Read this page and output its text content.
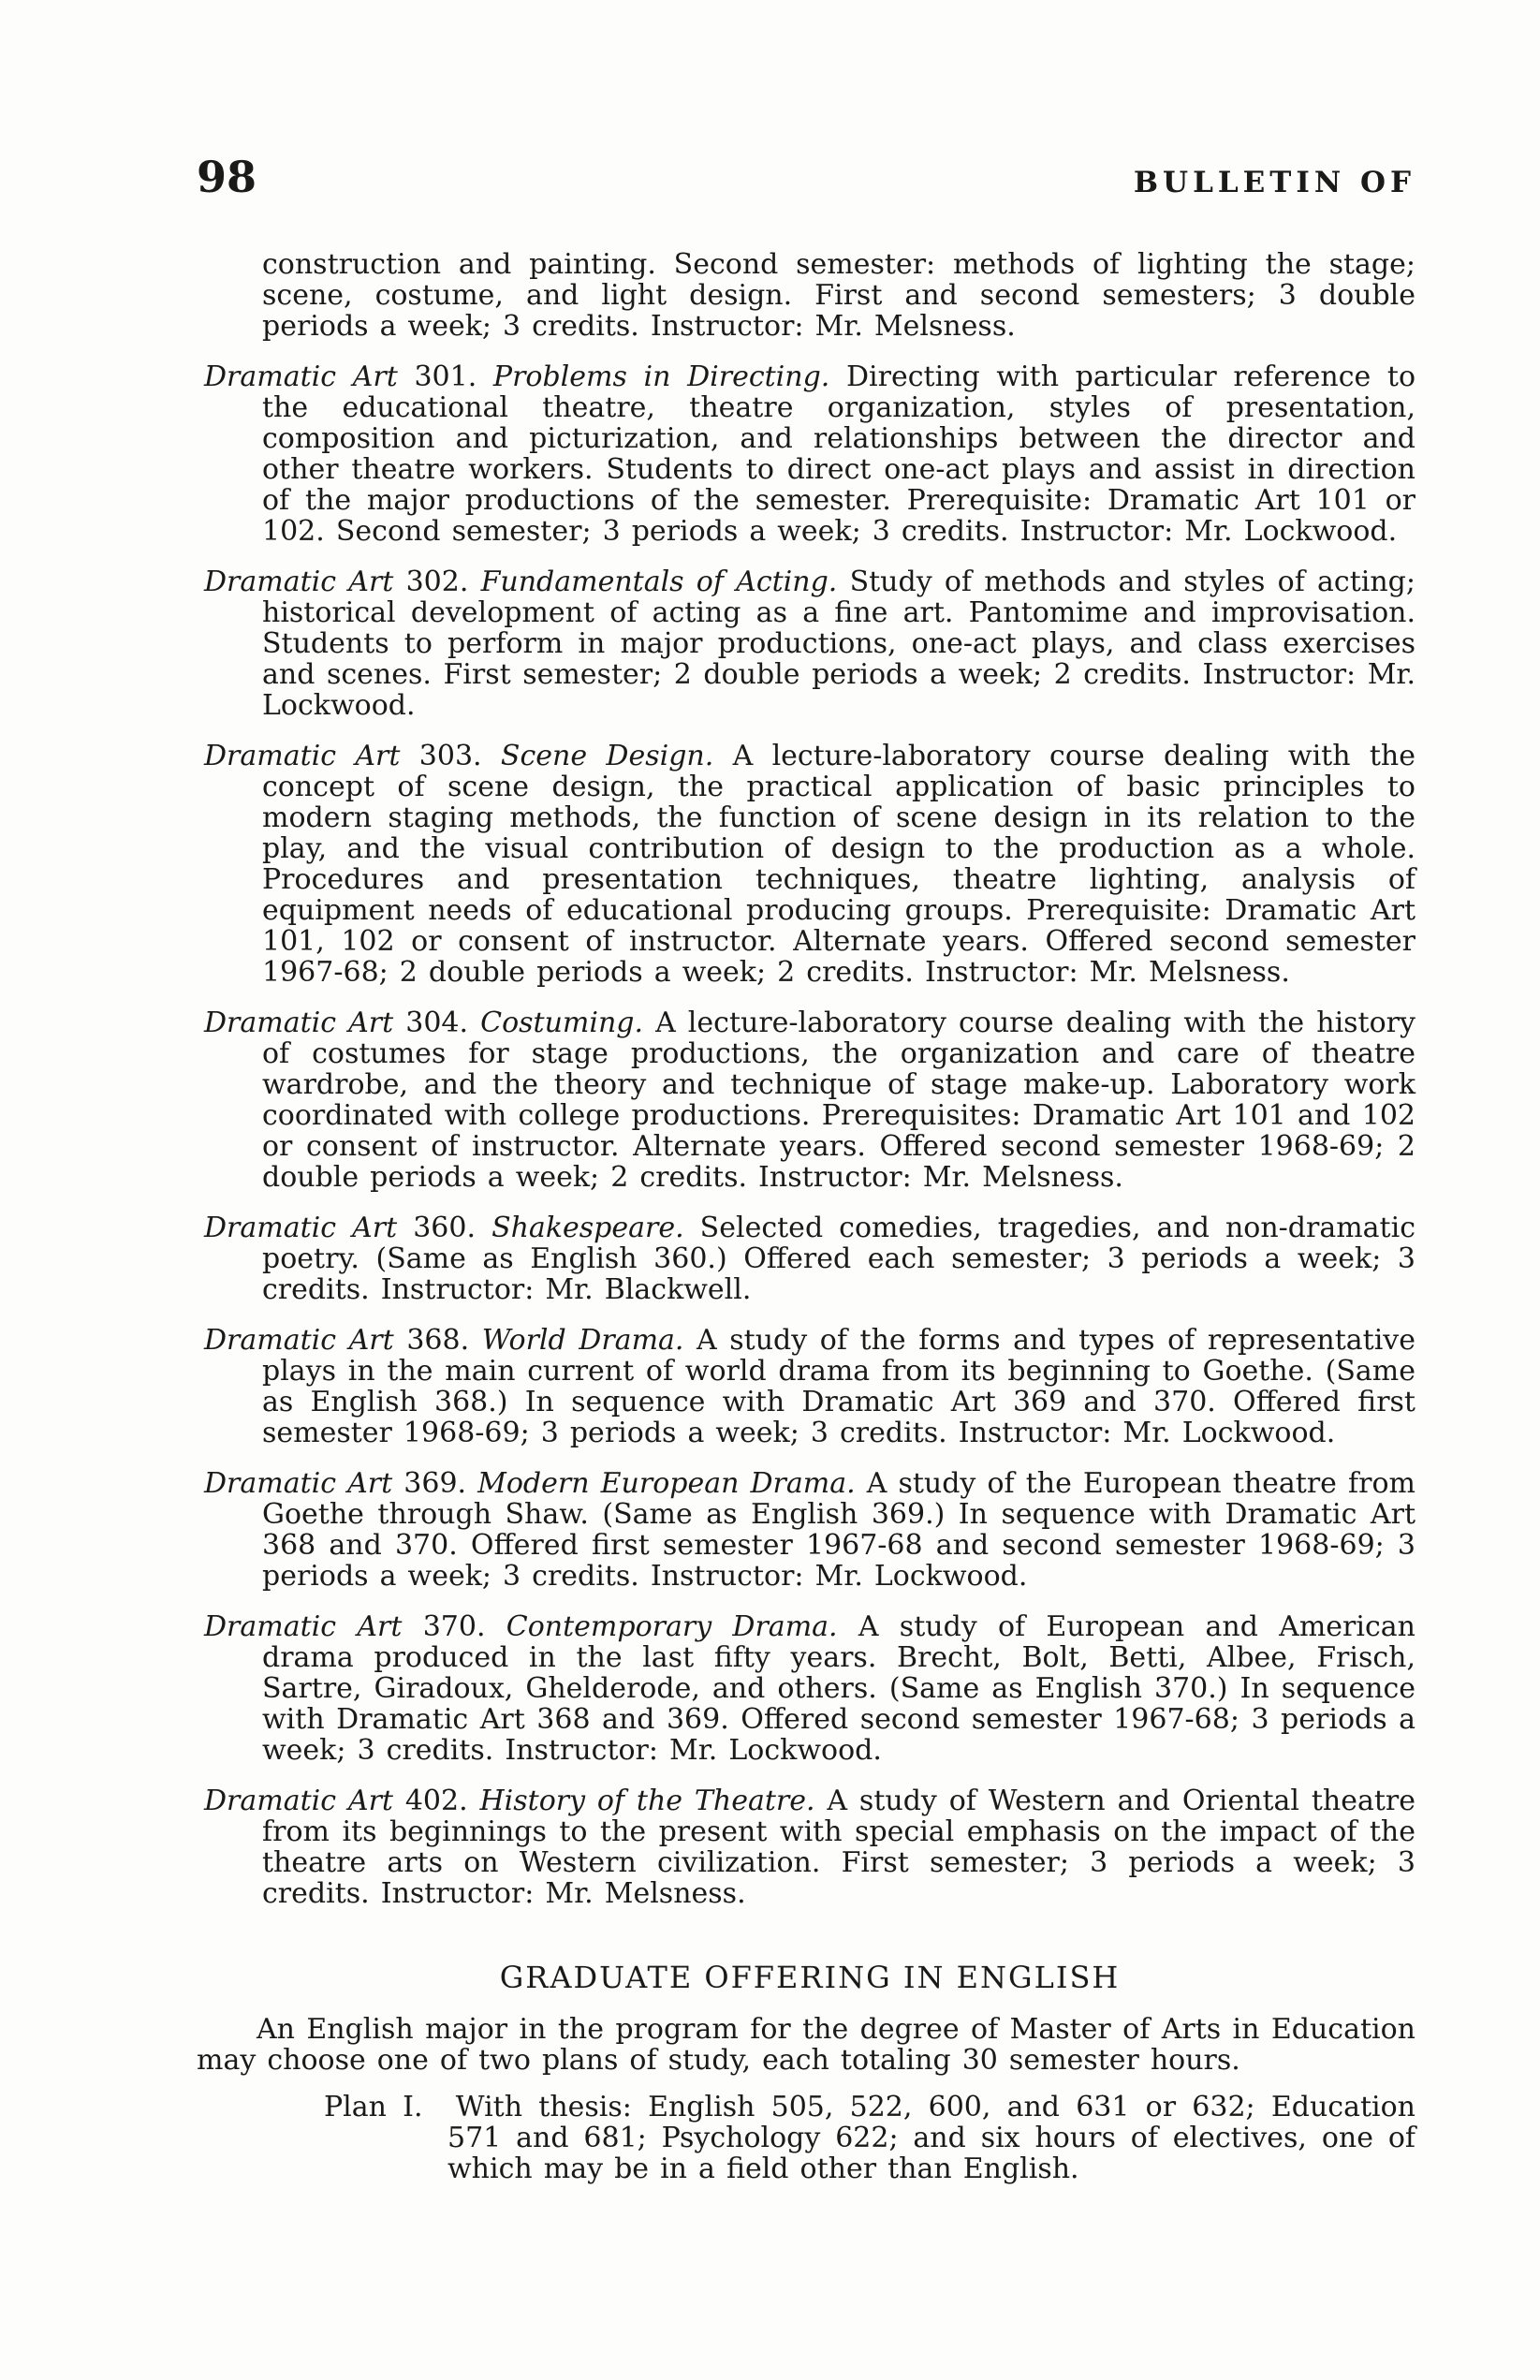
98	BULLETIN OF

construction and painting. Second semester: methods of lighting the stage; scene, costume, and light design. First and second semesters; 3 double periods a week; 3 credits. Instructor: Mr. Melsness.

Dramatic Art 301. Problems in Directing. Directing with particular reference to the educational theatre, theatre organization, styles of presentation, composition and picturization, and relationships between the director and other theatre workers. Students to direct one-act plays and assist in direction of the major productions of the semester. Prerequisite: Dramatic Art 101 or 102. Second semester; 3 periods a week; 3 credits. Instructor: Mr. Lockwood.

Dramatic Art 302. Fundamentals of Acting. Study of methods and styles of acting; historical development of acting as a fine art. Pantomime and improvisation. Students to perform in major productions, one-act plays, and class exercises and scenes. First semester; 2 double periods a week; 2 credits. Instructor: Mr. Lockwood.

Dramatic Art 303. Scene Design. A lecture-laboratory course dealing with the concept of scene design, the practical application of basic principles to modern staging methods, the function of scene design in its relation to the play, and the visual contribution of design to the production as a whole. Procedures and presentation techniques, theatre lighting, analysis of equipment needs of educational producing groups. Prerequisite: Dramatic Art 101, 102 or consent of instructor. Alternate years. Offered second semester 1967-68; 2 double periods a week; 2 credits. Instructor: Mr. Melsness.

Dramatic Art 304. Costuming. A lecture-laboratory course dealing with the history of costumes for stage productions, the organization and care of theatre wardrobe, and the theory and technique of stage make-up. Laboratory work coordinated with college productions. Prerequisites: Dramatic Art 101 and 102 or consent of instructor. Alternate years. Offered second semester 1968-69; 2 double periods a week; 2 credits. Instructor: Mr. Melsness.

Dramatic Art 360. Shakespeare. Selected comedies, tragedies, and non-dramatic poetry. (Same as English 360.) Offered each semester; 3 periods a week; 3 credits. Instructor: Mr. Blackwell.

Dramatic Art 368. World Drama. A study of the forms and types of representative plays in the main current of world drama from its beginning to Goethe. (Same as English 368.) In sequence with Dramatic Art 369 and 370. Offered first semester 1968-69; 3 periods a week; 3 credits. Instructor: Mr. Lockwood.

Dramatic Art 369. Modern European Drama. A study of the European theatre from Goethe through Shaw. (Same as English 369.) In sequence with Dramatic Art 368 and 370. Offered first semester 1967-68 and second semester 1968-69; 3 periods a week; 3 credits. Instructor: Mr. Lockwood.

Dramatic Art 370. Contemporary Drama. A study of European and American drama produced in the last fifty years. Brecht, Bolt, Betti, Albee, Frisch, Sartre, Giradoux, Ghelderode, and others. (Same as English 370.) In sequence with Dramatic Art 368 and 369. Offered second semester 1967-68; 3 periods a week; 3 credits. Instructor: Mr. Lockwood.

Dramatic Art 402. History of the Theatre. A study of Western and Oriental theatre from its beginnings to the present with special emphasis on the impact of the theatre arts on Western civilization. First semester; 3 periods a week; 3 credits. Instructor: Mr. Melsness.

GRADUATE OFFERING IN ENGLISH

An English major in the program for the degree of Master of Arts in Education may choose one of two plans of study, each totaling 30 semester hours.

Plan I. With thesis: English 505, 522, 600, and 631 or 632; Education 571 and 681; Psychology 622; and six hours of electives, one of which may be in a field other than English.
